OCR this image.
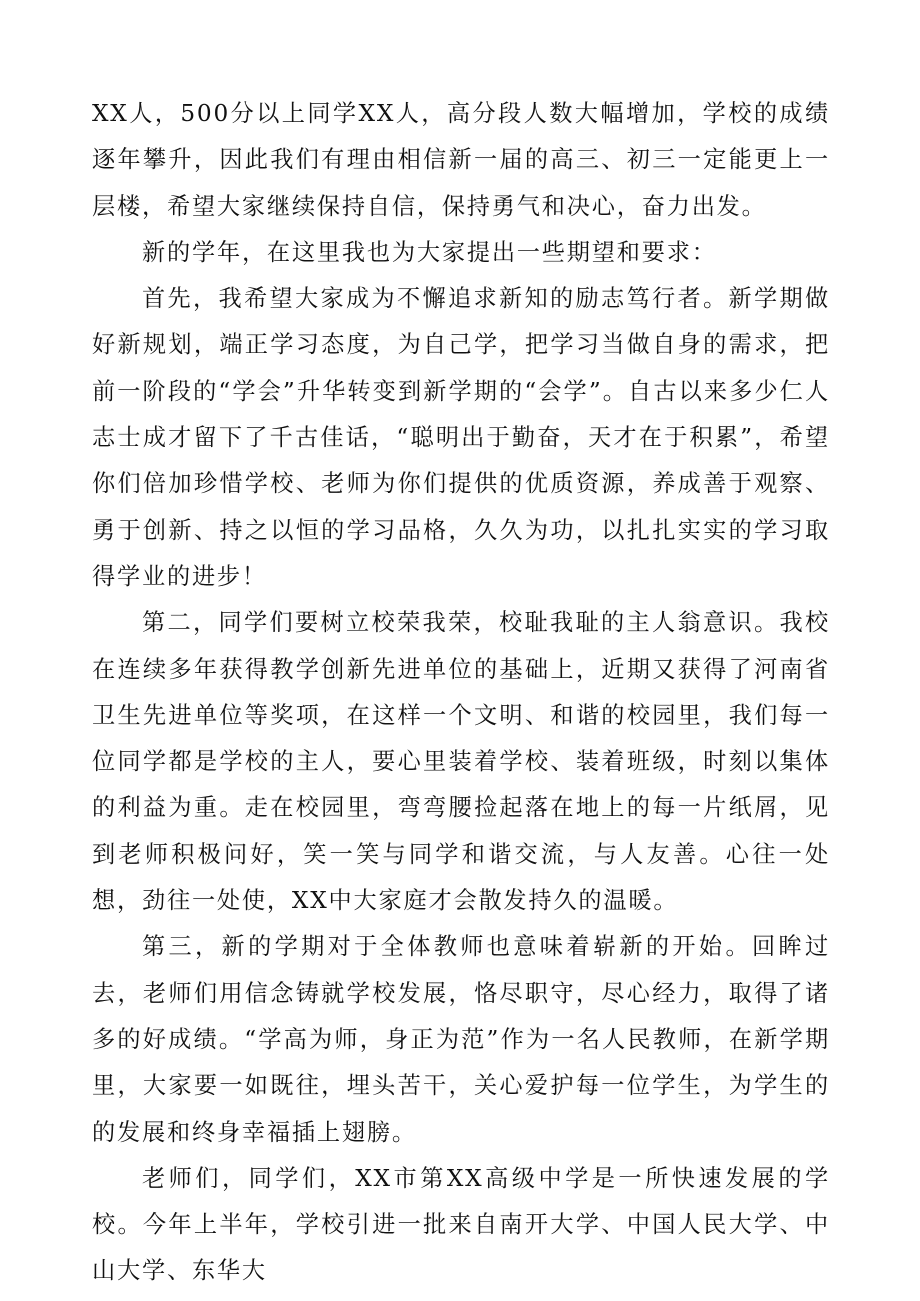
XX人，500分以上同学XX人，高分段人数大幅增加，学校的成绩逐年攀升，因此我们有理由相信新一届的高三、初三一定能更上一层楼，希望大家继续保持自信，保持勇气和决心，奋力出发。

新的学年，在这里我也为大家提出一些期望和要求：

首先，我希望大家成为不懈追求新知的励志笃行者。新学期做好新规划，端正学习态度，为自己学，把学习当做自身的需求，把前一阶段的“学会”升华转变到新学期的“会学”。自古以来多少仁人志士成才留下了千古佳话，“聪明出于勤奋，天才在于积累”，希望你们倍加珍惜学校、老师为你们提供的优质资源，养成善于观察、勇于创新、持之以恒的学习品格，久久为功，以扎扎实实的学习取得学业的进步！

第二，同学们要树立校荣我荣，校耻我耻的主人翁意识。我校在连续多年获得教学创新先进单位的基础上，近期又获得了河南省卫生先进单位等奖项，在这样一个文明、和谐的校园里，我们每一位同学都是学校的主人，要心里装着学校、装着班级，时刻以集体的利益为重。走在校园里，弯弯腰捡起落在地上的每一片纸屑，见到老师积极问好，笑一笑与同学和谐交流，与人友善。心往一处想，劲往一处使，XX中大家庭才会散发持久的温暖。

第三，新的学期对于全体教师也意味着崭新的开始。回眸过去，老师们用信念铸就学校发展，恪尽职守，尽心经力，取得了诸多的好成绩。“学高为师，身正为范”作为一名人民教师，在新学期里，大家要一如既往，埋头苦干，关心爱护每一位学生，为学生的的发展和终身幸福插上翅膀。

老师们，同学们，XX市第XX高级中学是一所快速发展的学校。今年上半年，学校引进一批来自南开大学、中国人民大学、中山大学、东华大
